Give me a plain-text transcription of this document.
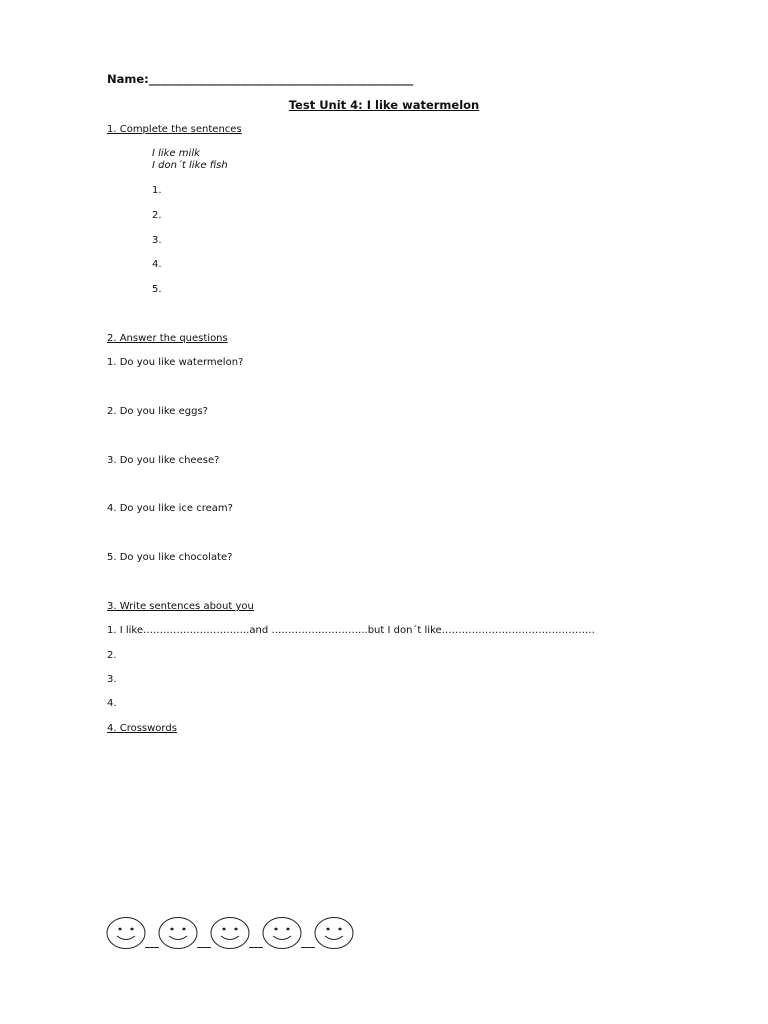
Name:______________________________________________
Test Unit 4: I like watermelon
1. Complete the sentences
I like milk
I don´t like fish
1.
2.
3.
4.
5.
2. Answer the questions
1. Do you like watermelon?
2. Do you like eggs?
3. Do you like cheese?
4. Do you like ice cream?
5. Do you like chocolate?
3. Write sentences about you
1. I like…………………………..and ………………………..but I don´t like……………………………………….
2.
3.
4.
4. Crosswords
